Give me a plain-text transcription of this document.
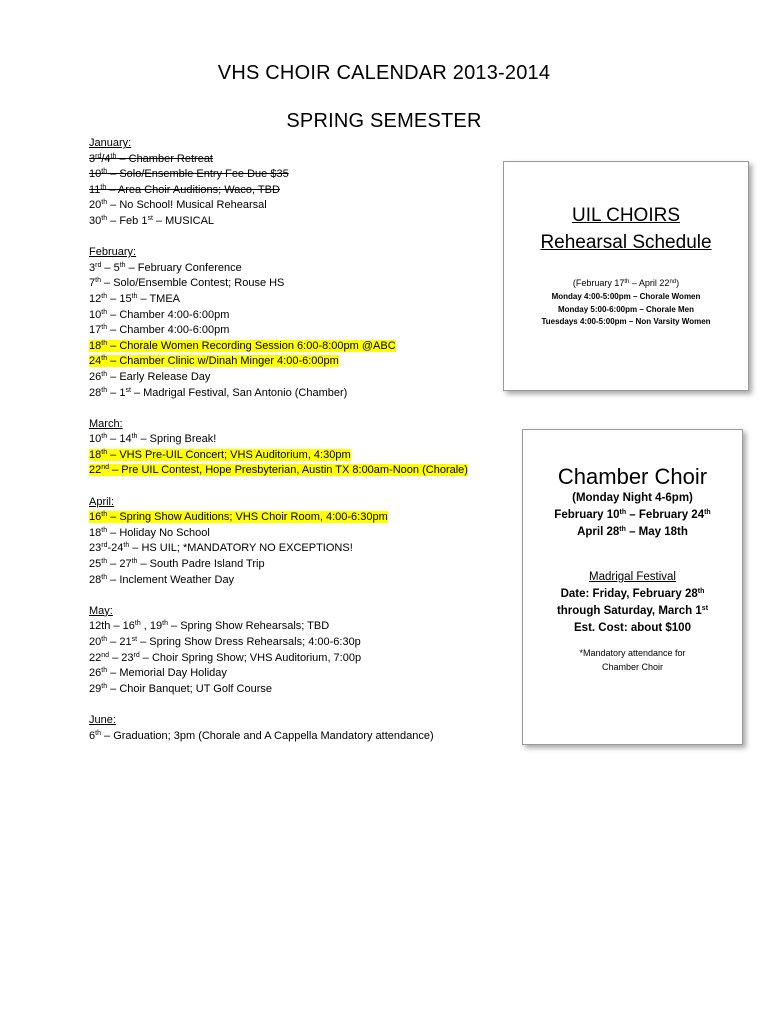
VHS CHOIR CALENDAR 2013-2014
SPRING SEMESTER
January:
3rd/4th – Chamber Retreat
10th – Solo/Ensemble Entry Fee Due $35
11th – Area Choir Auditions; Waco, TBD
20th – No School! Musical Rehearsal
30th – Feb 1st – MUSICAL
February:
3rd – 5th – February Conference
7th – Solo/Ensemble Contest; Rouse HS
12th – 15th – TMEA
10th – Chamber 4:00-6:00pm
17th – Chamber 4:00-6:00pm
18th – Chorale Women Recording Session 6:00-8:00pm @ABC
24th – Chamber Clinic w/Dinah Minger 4:00-6:00pm
26th – Early Release Day
28th – 1st – Madrigal Festival, San Antonio (Chamber)
March:
10th – 14th – Spring Break!
18th – VHS Pre-UIL Concert; VHS Auditorium, 4:30pm
22nd – Pre UIL Contest, Hope Presbyterian, Austin TX 8:00am-Noon (Chorale)
April:
16th – Spring Show Auditions; VHS Choir Room, 4:00-6:30pm
18th – Holiday No School
23rd-24th – HS UIL; *MANDATORY NO EXCEPTIONS!
25th – 27th – South Padre Island Trip
28th – Inclement Weather Day
May:
12th – 16th , 19th – Spring Show Rehearsals; TBD
20th – 21st – Spring Show Dress Rehearsals; 4:00-6:30p
22nd – 23rd – Choir Spring Show; VHS Auditorium, 7:00p
26th – Memorial Day Holiday
29th – Choir Banquet; UT Golf Course
June:
6th – Graduation; 3pm (Chorale and A Cappella Mandatory attendance)
UIL CHOIRS
Rehearsal Schedule
(February 17th – April 22nd)
Monday 4:00-5:00pm – Chorale Women
Monday 5:00-6:00pm – Chorale Men
Tuesdays 4:00-5:00pm – Non Varsity Women
Chamber Choir
(Monday Night 4-6pm)
February 10th – February 24th
April 28th – May 18th
Madrigal Festival
Date: Friday, February 28th
through Saturday, March 1st
Est. Cost: about $100
*Mandatory attendance for
Chamber Choir
